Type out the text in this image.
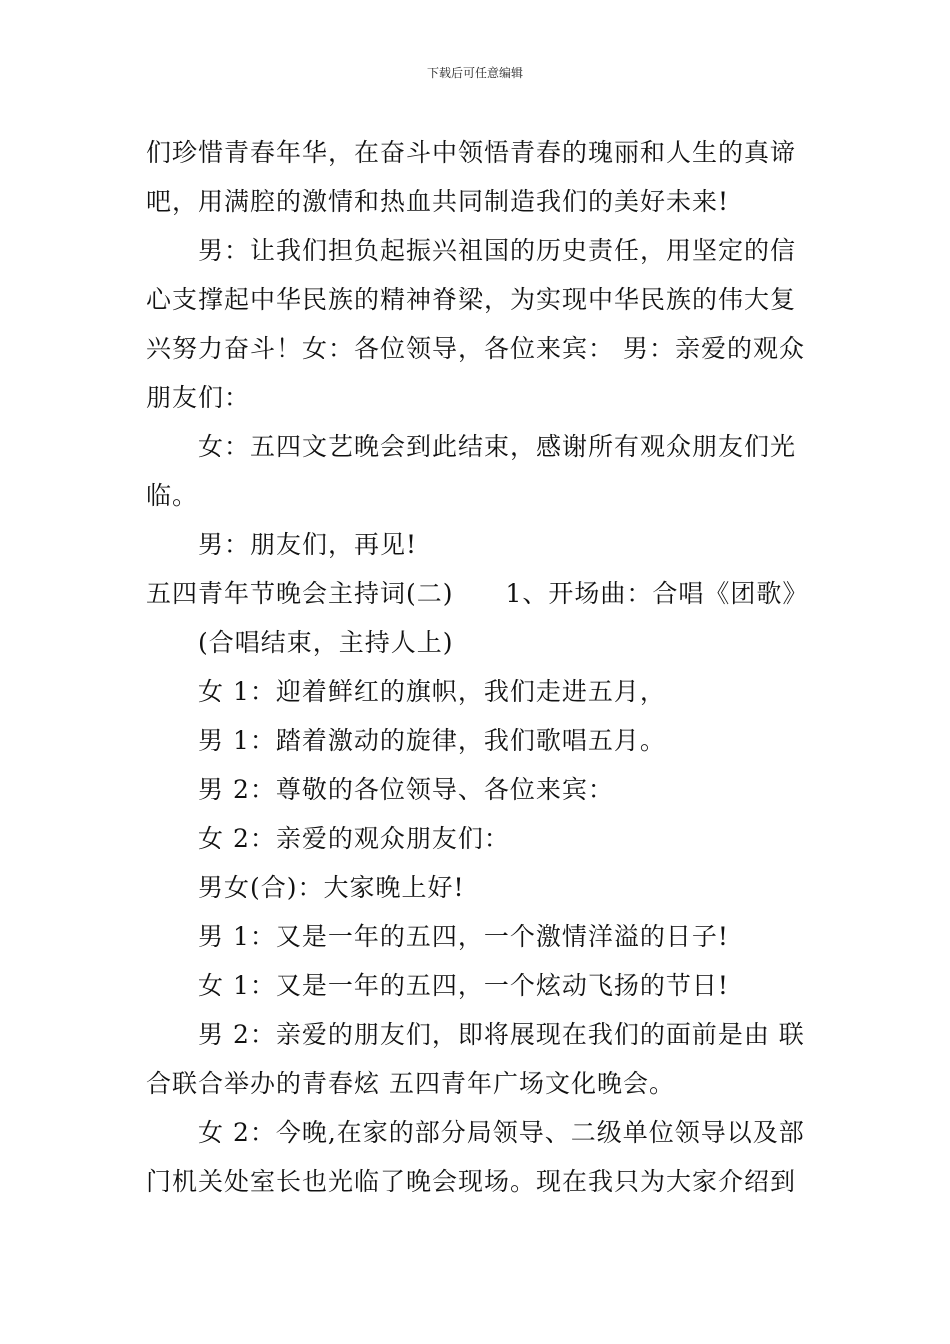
下载后可任意编辑

们珍惜青春年华，在奋斗中领悟青春的瑰丽和人生的真谛

吧，用满腔的激情和热血共同制造我们的美好未来!

男：让我们担负起振兴祖国的历史责任，用坚定的信

心支撑起中华民族的精神脊梁，为实现中华民族的伟大复

兴努力奋斗！女：各位领导，各位来宾： 男：亲爱的观众

朋友们：

女：五四文艺晚会到此结束，感谢所有观众朋友们光

临。

男：朋友们，再见!

五四青年节晚会主持词(二) 1、开场曲：合唱《团歌》

(合唱结束，主持人上)

女 1：迎着鲜红的旗帜，我们走进五月，

男 1：踏着激动的旋律，我们歌唱五月。

男 2：尊敬的各位领导、各位来宾：

女 2：亲爱的观众朋友们：

男女(合)：大家晚上好!

男 1：又是一年的五四，一个激情洋溢的日子!

女 1：又是一年的五四，一个炫动飞扬的节日!

男 2：亲爱的朋友们，即将展现在我们的面前是由 联

合联合举办的青春炫 五四青年广场文化晚会。

女 2：今晚,在家的部分局领导、二级单位领导以及部

门机关处室长也光临了晚会现场。现在我只为大家介绍到
